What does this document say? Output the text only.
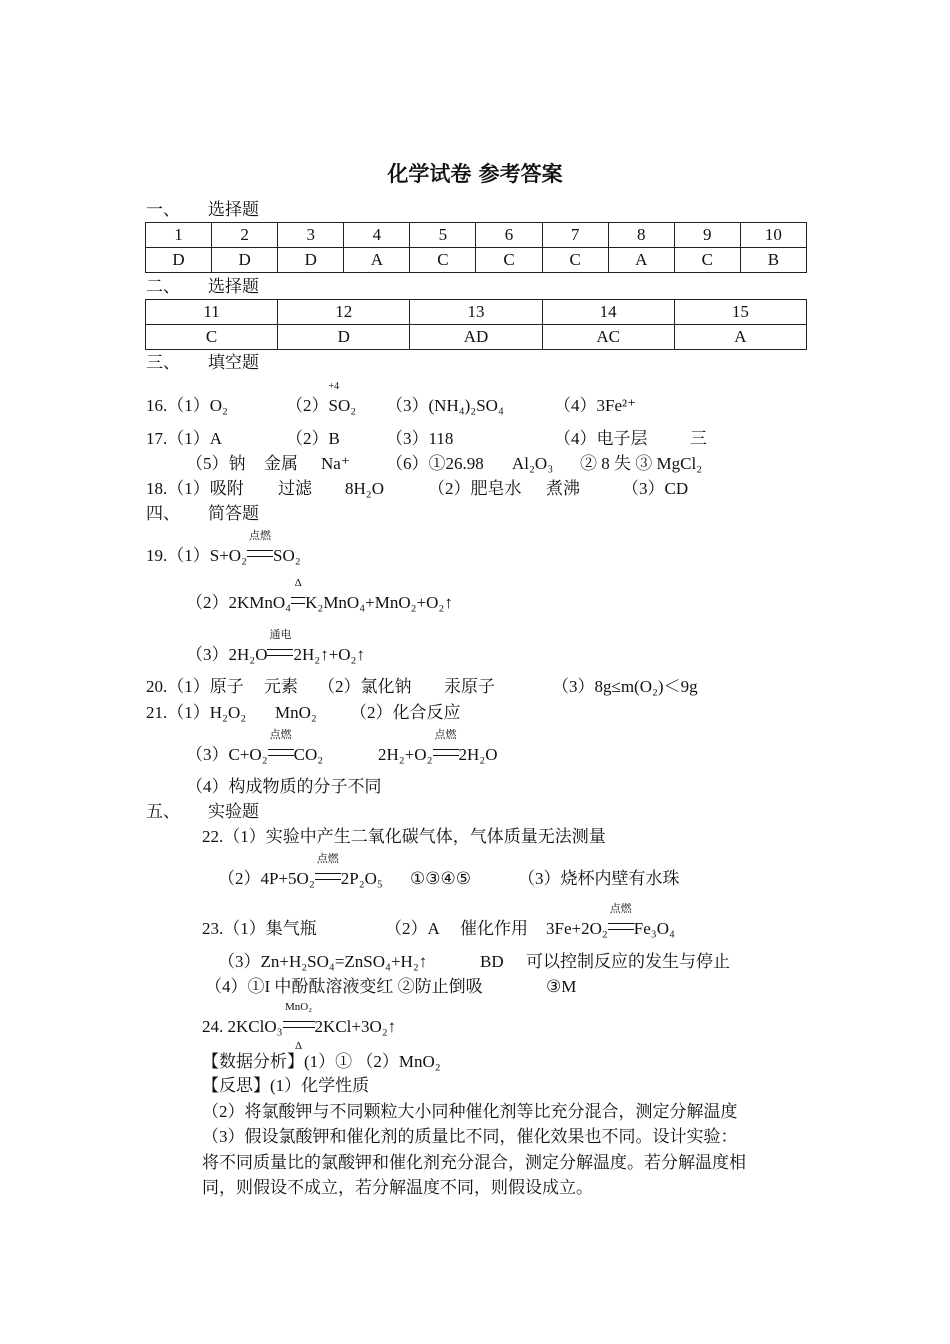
化学试卷 参考答案
一、 选择题
1	2	3	4	5	6	7	8	9	10
D	D	D	A	C	C	C	A	C	B
二、 选择题
11	12	13	14	15
C	D	AD	AC	A
三、 填空题
16.（1）O₂	（2）
+4
SO₂ （3）(NH₄)₂SO₄	（4）3Fe²⁺
17.（1）A	（2）B	（3）118	（4）电子层	三
（5）钠 金属 Na⁺ （6）①26.98 Al₂O₃ ② 8 失 ③ MgCl₂
18.（1）吸附 过滤 8H₂O	（2）肥皂水 煮沸 （3）CD
四、 简答题
19.（1）S+O₂
点燃
SO₂
（2）2KMnO₄
Δ
K₂MnO₄+MnO₂+O₂↑
（3）2H₂O
通电
2H₂↑+O₂↑
20.（1）原子 元素 （2）氯化钠 汞原子	（3）8g≤m(O₂)＜9g
21.（1）H₂O₂ MnO₂ （2）化合反应
（3）C+O₂
点燃
CO₂	2H₂+O₂
点燃
2H₂O
（4）构成物质的分子不同
五、 实验题
22.（1）实验中产生二氧化碳气体，气体质量无法测量
（2）4P+5O₂
点燃
2P₂O₅ ①③④⑤	（3）烧杯内壁有水珠
23.（1）集气瓶	（2）A 催化作用 3Fe+2O₂
点燃
Fe₃O₄
（3）Zn+H₂SO₄=ZnSO₄+H₂↑	BD 可以控制反应的发生与停止
（4）①I 中酚酞溶液变红 ②防止倒吸	③M
24. 2KClO₃
MnO₂
Δ
2KCl+3O₂↑
【数据分析】(1）① （2）MnO₂
【反思】(1）化学性质
（2）将氯酸钾与不同颗粒大小同种催化剂等比充分混合，测定分解温度
（3）假设氯酸钾和催化剂的质量比不同，催化效果也不同。设计实验：
将不同质量比的氯酸钾和催化剂充分混合，测定分解温度。若分解温度相
同，则假设不成立，若分解温度不同，则假设成立。
